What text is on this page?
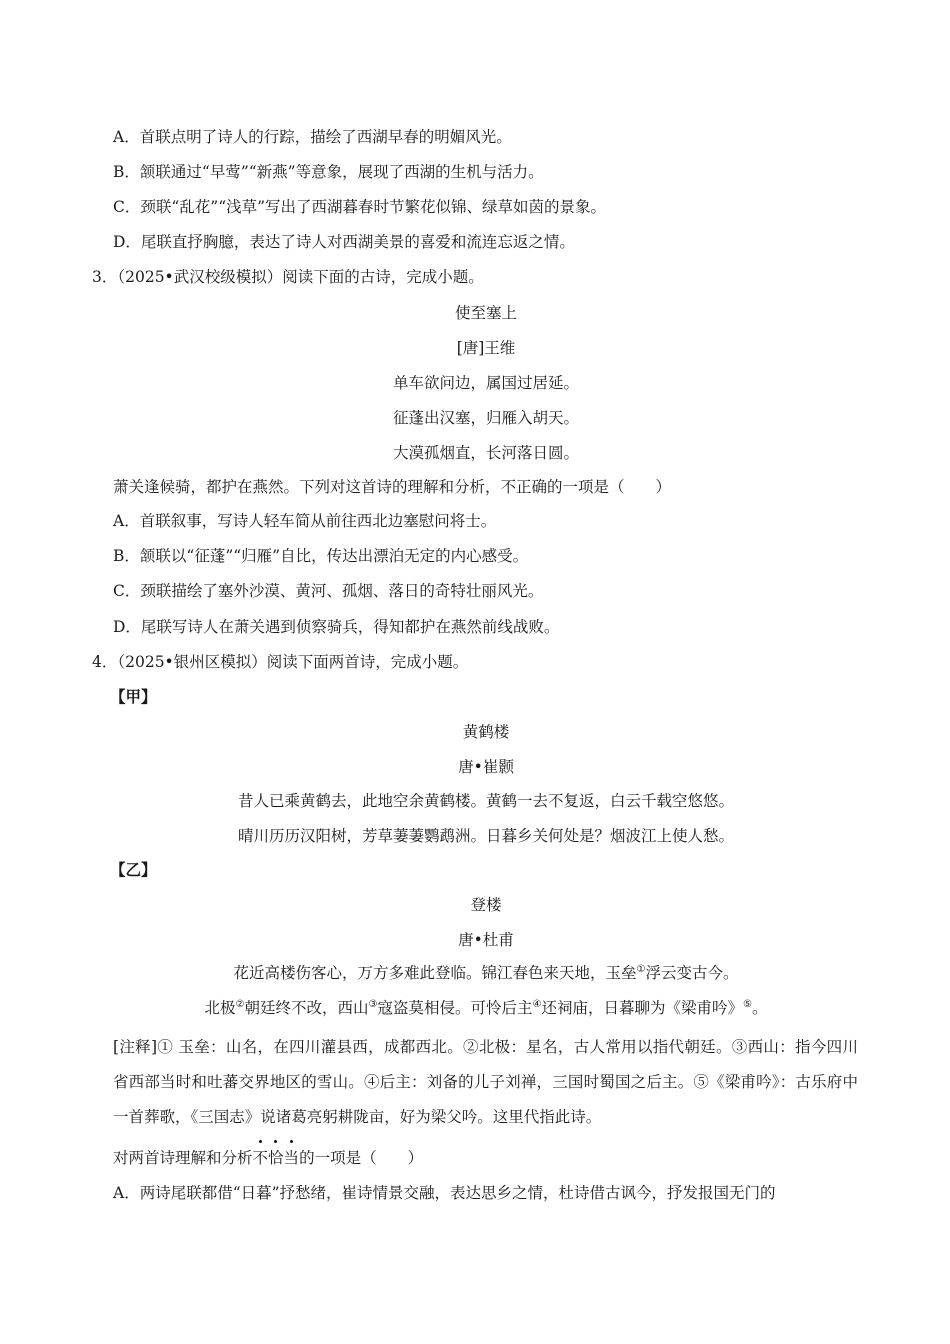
A．首联点明了诗人的行踪，描绘了西湖早春的明媚风光。
B．颔联通过“早莺”“新燕”等意象，展现了西湖的生机与活力。
C．颈联“乱花”“浅草”写出了西湖暮春时节繁花似锦、绿草如茵的景象。
D．尾联直抒胸臆，表达了诗人对西湖美景的喜爱和流连忘返之情。
3．（2025•武汉校级模拟）阅读下面的古诗，完成小题。
使至塞上
[唐]王维
单车欲问边，属国过居延。
征蓬出汉塞，归雁入胡天。
大漠孤烟直，长河落日圆。
萧关逢候骑，都护在燕然。下列对这首诗的理解和分析，不正确的一项是（　　）
A．首联叙事，写诗人轻车简从前往西北边塞慰问将士。
B．颔联以“征蓬”“归雁”自比，传达出漂泊无定的内心感受。
C．颈联描绘了塞外沙漠、黄河、孤烟、落日的奇特壮丽风光。
D．尾联写诗人在萧关遇到侦察骑兵，得知都护在燕然前线战败。
4．（2025•银州区模拟）阅读下面两首诗，完成小题。
【甲】
黄鹤楼
唐•崔颢
昔人已乘黄鹤去，此地空余黄鹤楼。黄鹤一去不复返，白云千载空悠悠。
晴川历历汉阳树，芳草萋萋鹦鹉洲。日暮乡关何处是？烟波江上使人愁。
【乙】
登楼
唐•杜甫
花近高楼伤客心，万方多难此登临。锦江春色来天地，玉垒①浮云变古今。
北极②朝廷终不改，西山③寇盗莫相侵。可怜后主④还祠庙，日暮聊为《梁甫吟》⑤。
[注释]① 玉垒：山名，在四川灌县西，成都西北。②北极：星名，古人常用以指代朝廷。③西山：指今四川省西部当时和吐蕃交界地区的雪山。④后主：刘备的儿子刘禅，三国时蜀国之后主。⑤《梁甫吟》：古乐府中一首葬歌，《三国志》说诸葛亮躬耕陇亩，好为梁父吟。这里代指此诗。
对两首诗理解和分析不恰当的一项是（　　）
A．两诗尾联都借“日暮”抒愁绪，崔诗情景交融，表达思乡之情，杜诗借古讽今，抒发报国无门的
